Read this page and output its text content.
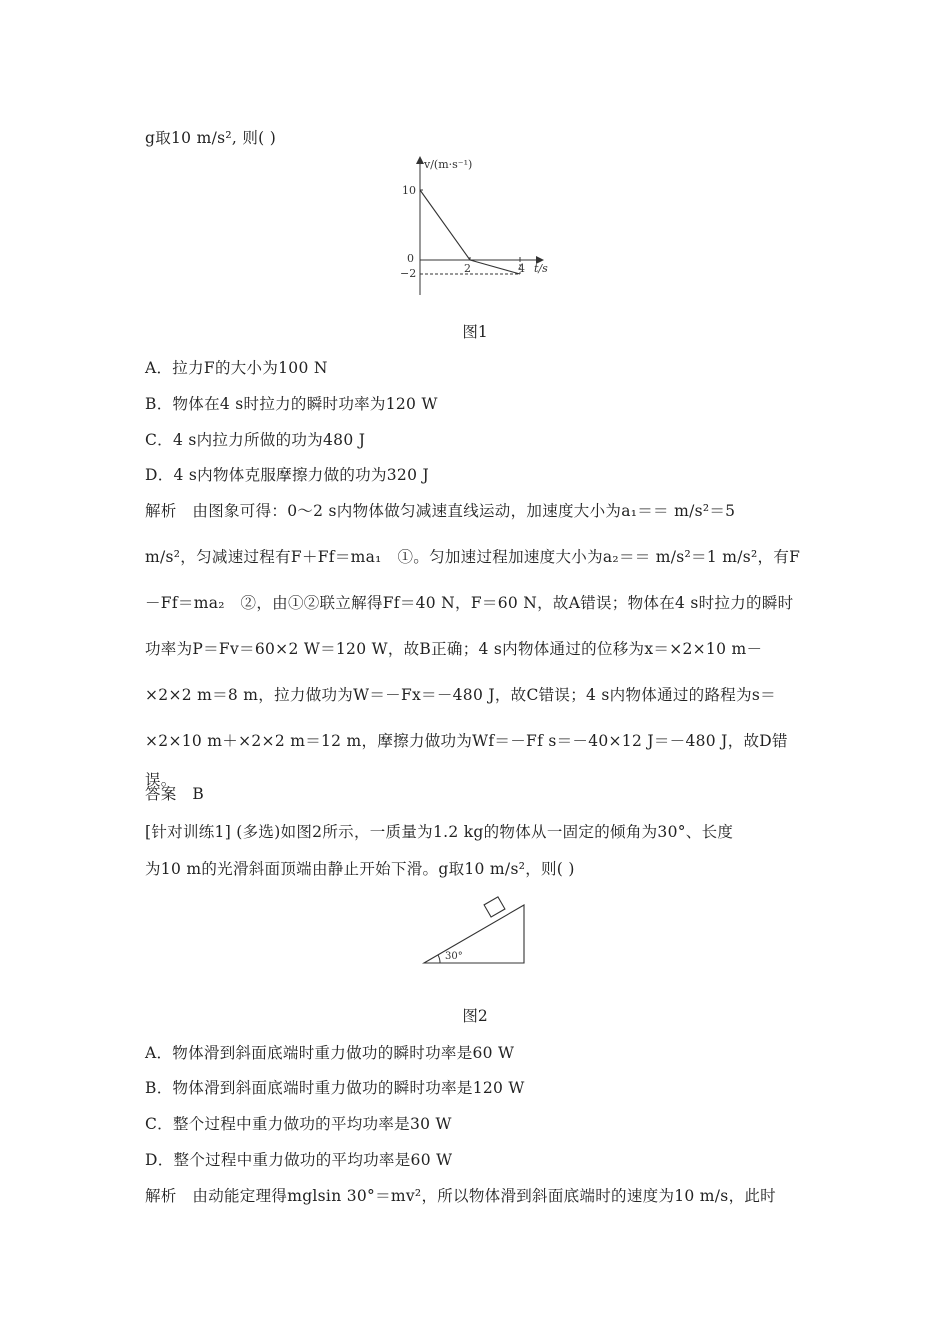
g取10 m/s², 则( )
v/(m·s⁻¹)
t/s
10
0
−2	2	4
图1
A．拉力F的大小为100 N
B．物体在4 s时拉力的瞬时功率为120 W
C．4 s内拉力所做的功为480 J
D．4 s内物体克服摩擦力做的功为320 J
解析　由图象可得：0～2 s内物体做匀减速直线运动，加速度大小为a₁＝＝ m/s²＝5
m/s²，匀减速过程有F＋Ff＝ma₁　①。匀加速过程加速度大小为a₂＝＝ m/s²＝1 m/s²，有F
－Ff＝ma₂　②，由①②联立解得Ff＝40 N，F＝60 N，故A错误；物体在4 s时拉力的瞬时
功率为P＝Fv＝60×2 W＝120 W，故B正确；4 s内物体通过的位移为x＝×2×10 m－
×2×2 m＝8 m，拉力做功为W＝－Fx＝－480 J，故C错误；4 s内物体通过的路程为s＝
×2×10 m＋×2×2 m＝12 m，摩擦力做功为Wf＝－Ff s＝－40×12 J＝－480 J，故D错
误。
答案　B
[针对训练1] (多选)如图2所示，一质量为1.2 kg的物体从一固定的倾角为30°、长度
为10 m的光滑斜面顶端由静止开始下滑。g取10 m/s²，则( )
30°
图2
A．物体滑到斜面底端时重力做功的瞬时功率是60 W
B．物体滑到斜面底端时重力做功的瞬时功率是120 W
C．整个过程中重力做功的平均功率是30 W
D．整个过程中重力做功的平均功率是60 W
解析　由动能定理得mglsin 30°＝mv²，所以物体滑到斜面底端时的速度为10 m/s，此时
